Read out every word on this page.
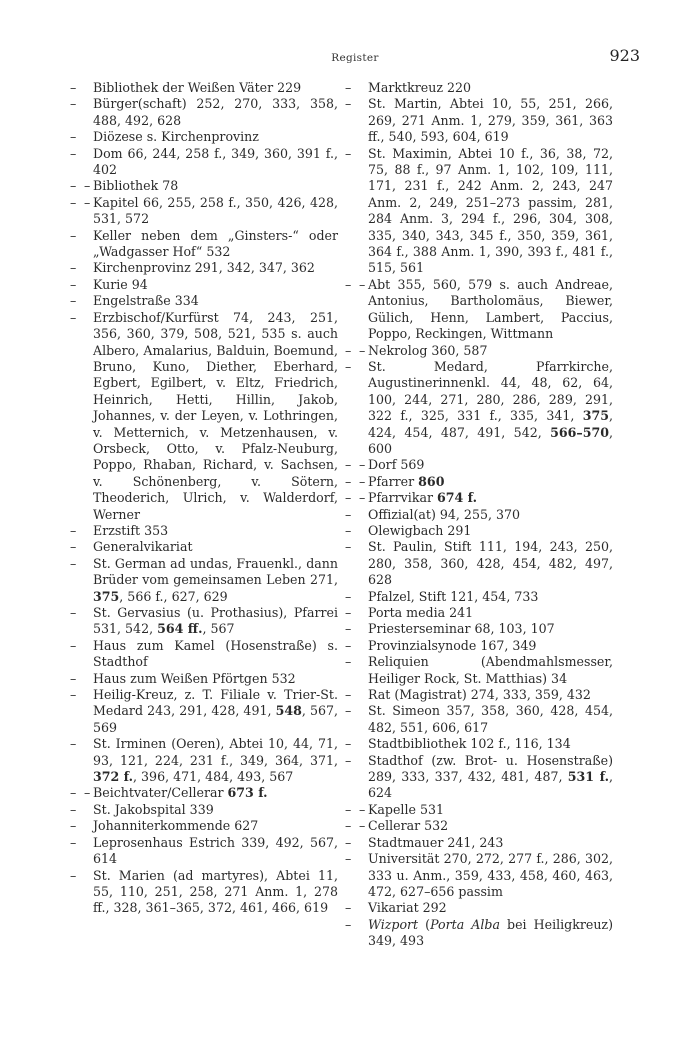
Register	923
–	Bibliothek der Weißen Väter 229
–	Bürger(schaft) 252, 270, 333, 358, 488, 492, 628
–	Diözese s. Kirchenprovinz
–	Dom 66, 244, 258 f., 349, 360, 391 f., 402
– – Bibliothek 78
– – Kapitel 66, 255, 258 f., 350, 426, 428, 531, 572
–	Keller neben dem „Ginsters-“ oder „Wadgasser Hof“ 532
–	Kirchenprovinz 291, 342, 347, 362
–	Kurie 94
–	Engelstraße 334
–	Erzbischof/Kurfürst 74, 243, 251, 356, 360, 379, 508, 521, 535 s. auch Albero, Amalarius, Balduin, Boemund, Bruno, Kuno, Diether, Eberhard, Egbert, Egilbert, v. Eltz, Friedrich, Heinrich, Hetti, Hillin, Jakob, Johannes, v. der Leyen, v. Lothringen, v. Metternich, v. Metzenhausen, v. Orsbeck, Otto, v. Pfalz-Neuburg, Poppo, Rhaban, Richard, v. Sachsen, v. Schönenberg, v. Sötern, Theoderich, Ulrich, v. Walderdorf, Werner
–	Erzstift 353
–	Generalvikariat
–	St. German ad undas, Frauenkl., dann Brüder vom gemeinsamen Leben 271, 375, 566 f., 627, 629
–	St. Gervasius (u. Prothasius), Pfarrei 531, 542, 564 ff., 567
–	Haus zum Kamel (Hosenstraße) s. Stadthof
–	Haus zum Weißen Pförtgen 532
–	Heilig-Kreuz, z. T. Filiale v. Trier-St. Medard 243, 291, 428, 491, 548, 567, 569
–	St. Irminen (Oeren), Abtei 10, 44, 71, 93, 121, 224, 231 f., 349, 364, 371, 372 f., 396, 471, 484, 493, 567
– – Beichtvater/Cellerar 673 f.
–	St. Jakobspital 339
–	Johanniterkommende 627
–	Leprosenhaus Estrich 339, 492, 567, 614
–	St. Marien (ad martyres), Abtei 11, 55, 110, 251, 258, 271 Anm. 1, 278 ff., 328, 361–365, 372, 461, 466, 619
–	Marktkreuz 220
–	St. Martin, Abtei 10, 55, 251, 266, 269, 271 Anm. 1, 279, 359, 361, 363 ff., 540, 593, 604, 619
–	St. Maximin, Abtei 10 f., 36, 38, 72, 75, 88 f., 97 Anm. 1, 102, 109, 111, 171, 231 f., 242 Anm. 2, 243, 247 Anm. 2, 249, 251–273 passim, 281, 284 Anm. 3, 294 f., 296, 304, 308, 335, 340, 343, 345 f., 350, 359, 361, 364 f., 388 Anm. 1, 390, 393 f., 481 f., 515, 561
– – Abt 355, 560, 579 s. auch Andreae, Antonius, Bartholomäus, Biewer, Gülich, Henn, Lambert, Paccius, Poppo, Reckingen, Wittmann
– – Nekrolog 360, 587
–	St. Medard, Pfarrkirche, Augustinerinnenkl. 44, 48, 62, 64, 100, 244, 271, 280, 286, 289, 291, 322 f., 325, 331 f., 335, 341, 375, 424, 454, 487, 491, 542, 566–570, 600
– – Dorf 569
– – Pfarrer 860
– – Pfarrvikar 674 f.
–	Offizial(at) 94, 255, 370
–	Olewigbach 291
–	St. Paulin, Stift 111, 194, 243, 250, 280, 358, 360, 428, 454, 482, 497, 628
–	Pfalzel, Stift 121, 454, 733
–	Porta media 241
–	Priesterseminar 68, 103, 107
–	Provinzialsynode 167, 349
–	Reliquien (Abendmahlsmesser, Heiliger Rock, St. Matthias) 34
–	Rat (Magistrat) 274, 333, 359, 432
–	St. Simeon 357, 358, 360, 428, 454, 482, 551, 606, 617
–	Stadtbibliothek 102 f., 116, 134
–	Stadthof (zw. Brot- u. Hosenstraße) 289, 333, 337, 432, 481, 487, 531 f., 624
– – Kapelle 531
– – Cellerar 532
–	Stadtmauer 241, 243
–	Universität 270, 272, 277 f., 286, 302, 333 u. Anm., 359, 433, 458, 460, 463, 472, 627–656 passim
–	Vikariat 292
–	Wizport (Porta Alba bei Heiligkreuz) 349, 493
